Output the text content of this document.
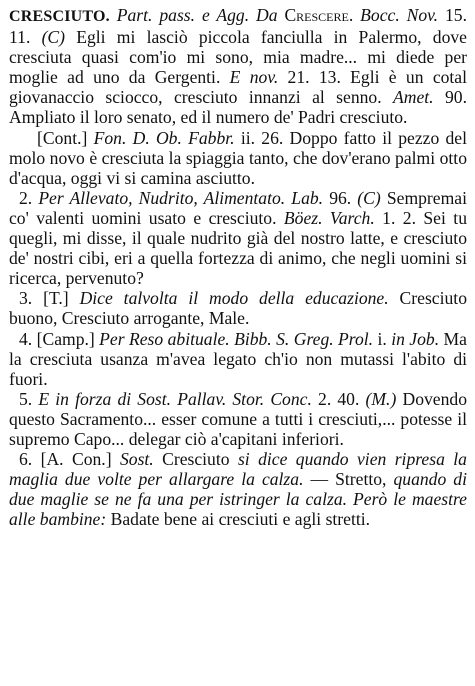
CRESCIUTO. Part. pass. e Agg. Da Crescere. Bocc. Nov. 15. 11. (C) Egli mi lasciò piccola fanciulla in Palermo, dove cresciuta quasi com'io mi sono, mia madre... mi diede per moglie ad uno da Gergenti. E nov. 21. 13. Egli è un cotal giovanaccio sciocco, cresciuto innanzi al senno. Amet. 90. Ampliato il loro senato, ed il numero de' Padri cresciuto.

[Cont.] Fon. D. Ob. Fabbr. ii. 26. Doppo fatto il pezzo del molo novo è cresciuta la spiaggia tanto, che dov'erano palmi otto d'acqua, oggi vi si camina asciutto.

2. Per Allevato, Nudrito, Alimentato. Lab. 96. (C) Sempremai co' valenti uomini usato e cresciuto. Böez. Varch. 1. 2. Sei tu quegli, mi disse, il quale nudrito già del nostro latte, e cresciuto de' nostri cibi, eri a quella fortezza di animo, che negli uomini si ricerca, pervenuto?

3. [T.] Dice talvolta il modo della educazione. Cresciuto buono, Cresciuto arrogante, Male.

4. [Camp.] Per Reso abituale. Bibb. S. Greg. Prol. i. in Job. Ma la cresciuta usanza m'avea legato ch'io non mutassi l'abito di fuori.

5. E in forza di Sost. Pallav. Stor. Conc. 2. 40. (M.) Dovendo questo Sacramento... esser comune a tutti i cresciuti,... potesse il supremo Capo... delegar ciò a'capitani inferiori.

6. [A. Con.] Sost. Cresciuto si dice quando vien ripresa la maglia due volte per allargare la calza. — Stretto, quando di due maglie se ne fa una per istringer la calza. Però le maestre alle bambine: Badate bene ai cresciuti e agli stretti.
